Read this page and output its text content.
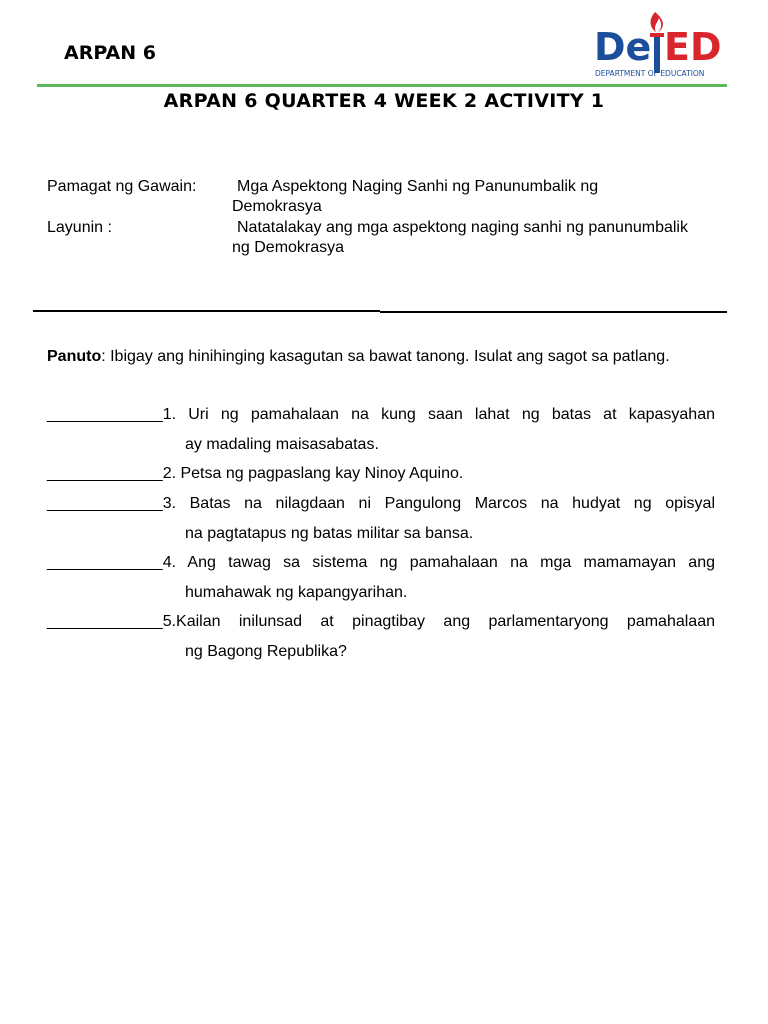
ARPAN 6	De ED
DEPARTMENT OF EDUCATION
ARPAN 6 QUARTER 4 WEEK 2 ACTIVITY 1
Pamagat ng Gawain:	Mga Aspektong Naging Sanhi ng Panunumbalik ng Demokrasya
Layunin :	Natatalakay ang mga aspektong naging sanhi ng panunumbalik ng Demokrasya
Panuto: Ibigay ang hinihinging kasagutan sa bawat tanong. Isulat ang sagot sa patlang.
_____________ 1. Uri ng pamahalaan na kung saan lahat ng batas at kapasyahan
ay madaling maisasabatas.
_____________ 2. Petsa ng pagpaslang kay Ninoy Aquino.
_____________ 3. Batas na nilagdaan ni Pangulong Marcos na hudyat ng opisyal
na pagtatapus ng batas militar sa bansa.
_____________ 4. Ang tawag sa sistema ng pamahalaan na mga mamamayan ang
humahawak ng kapangyarihan.
_____________ 5.Kailan inilunsad at pinagtibay ang parlamentaryong pamahalaan
ng Bagong Republika?
